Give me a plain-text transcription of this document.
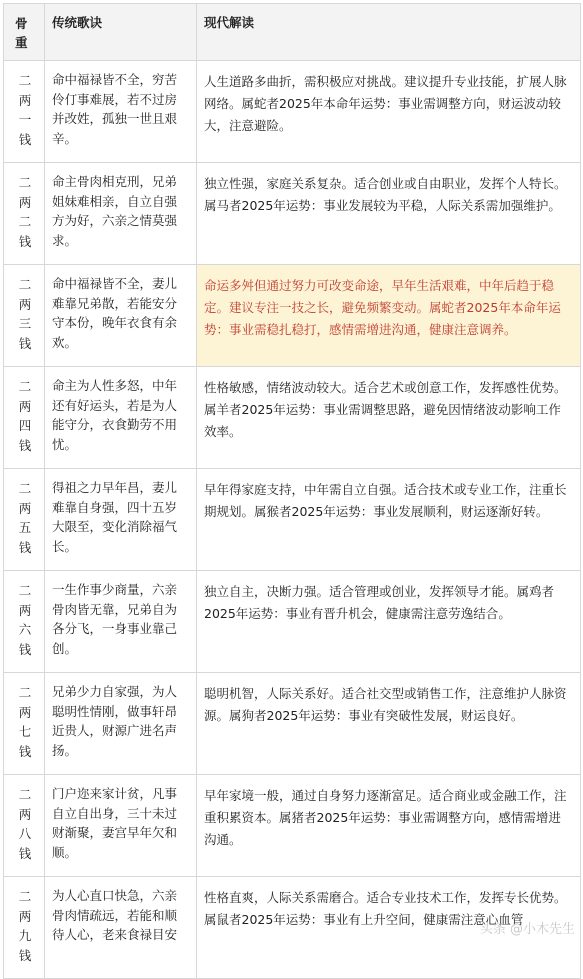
骨重	传统歌诀	现代解读
二两一钱	命中福禄皆不全，穷苦伶仃事难展，若不过房并改姓，孤独一世且艰辛。	人生道路多曲折，需积极应对挑战。建议提升专业技能，扩展人脉网络。属蛇者2025年本命年运势：事业需调整方向，财运波动较大，注意避险。
二两二钱	命主骨肉相克刑，兄弟姐妹难相亲，自立自强方为好，六亲之情莫强求。	独立性强，家庭关系复杂。适合创业或自由职业，发挥个人特长。属马者2025年运势：事业发展较为平稳，人际关系需加强维护。
二两三钱	命中福禄皆不全，妻儿难靠兄弟散，若能安分守本份，晚年衣食有余欢。	命运多舛但通过努力可改变命途，早年生活艰难，中年后趋于稳定。建议专注一技之长，避免频繁变动。属蛇者2025年本命年运势：事业需稳扎稳打，感情需增进沟通，健康注意调养。
二两四钱	命主为人性多怒，中年还有好运头，若是为人能守分，衣食勤劳不用忧。	性格敏感，情绪波动较大。适合艺术或创意工作，发挥感性优势。属羊者2025年运势：事业需调整思路，避免因情绪波动影响工作效率。
二两五钱	得祖之力早年昌，妻儿难靠自身强，四十五岁大限至，变化消除福气长。	早年得家庭支持，中年需自立自强。适合技术或专业工作，注重长期规划。属猴者2025年运势：事业发展顺利，财运逐渐好转。
二两六钱	一生作事少商量，六亲骨肉皆无靠，兄弟自为各分飞，一身事业靠己创。	独立自主，决断力强。适合管理或创业，发挥领导才能。属鸡者2025年运势：事业有晋升机会，健康需注意劳逸结合。
二两七钱	兄弟少力自家强，为人聪明性情刚，做事轩昂近贵人，财源广进名声扬。	聪明机智，人际关系好。适合社交型或销售工作，注意维护人脉资源。属狗者2025年运势：事业有突破性发展，财运良好。
二两八钱	门户迩来家计贫，凡事自立自出身，三十未过财渐聚，妻宫早年欠和顺。	早年家境一般，通过自身努力逐渐富足。适合商业或金融工作，注重积累资本。属猪者2025年运势：事业需调整方向，感情需增进沟通。
二两九钱	为人心直口快急，六亲骨肉情疏远，若能和顺待人心，老来食禄目安	性格直爽，人际关系需磨合。适合专业技术工作，发挥专长优势。属鼠者2025年运势：事业有上升空间，健康需注意心血管
头条 @小木先生
